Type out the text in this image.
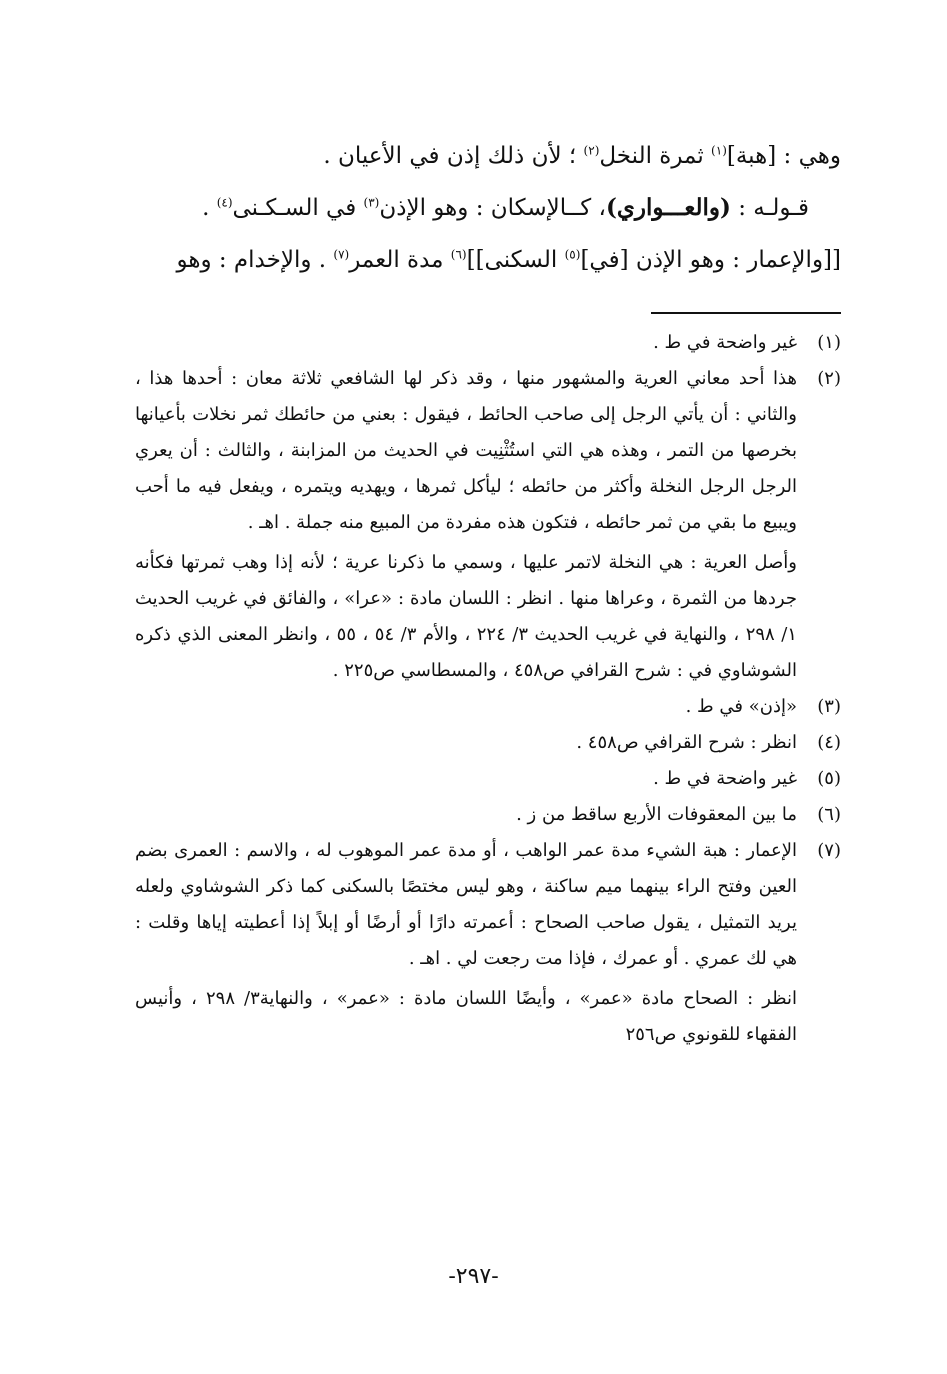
وهي : [هبة]$^{(١)}$ ثمرة النخل$^{(٢)}$ ؛ لأن ذلك إذن في الأعيان .

قـولـه : (والعـــواري)، كــالإسكان : وهو الإذن$^{(٣)}$ في السـكـنى$^{(٤)}$ .

[[والإعمار : وهو الإذن [في]$^{(٥)}$ السكنى]]$^{(٦)}$ مدة العمر$^{(٧)}$ . والإخدام : وهو

(١)
غير واضحة في ط .
(٢)
هذا أحد معاني العرية والمشهور منها ، وقد ذكر لها الشافعي ثلاثة معان : أحدها هذا ، والثاني : أن يأتي الرجل إلى صاحب الحائط ، فيقول : بعني من حائطك ثمر نخلات بأعيانها بخرصها من التمر ، وهذه هي التي استُثْنِيت في الحديث من المزابنة ، والثالث : أن يعري الرجل الرجل النخلة وأكثر من حائطه ؛ ليأكل ثمرها ، ويهديه ويتمره ، ويفعل فيه ما أحب ويبيع ما بقي من ثمر حائطه ، فتكون هذه مفردة من المبيع منه جملة . اهـ .
وأصل العرية : هي النخلة لاتمر عليها ، وسمي ما ذكرنا عرية ؛ لأنه إذا وهب ثمرتها فكأنه جردها من الثمرة ، وعراها منها . انظر : اللسان مادة : «عرا» ، والفائق في غريب الحديث ١/ ٢٩٨ ، والنهاية في غريب الحديث ٣/ ٢٢٤ ، والأم ٣/ ٥٤ ، ٥٥ ، وانظر المعنى الذي ذكره الشوشاوي في : شرح القرافي ص٤٥٨ ، والمسطاسي ص٢٢٥ .
(٣)
«إذن» في ط .
(٤)
انظر : شرح القرافي ص٤٥٨ .
(٥)
غير واضحة في ط .
(٦)
ما بين المعقوفات الأربع ساقط من ز .
(٧)
الإعمار : هبة الشيء مدة عمر الواهب ، أو مدة عمر الموهوب له ، والاسم : العمرى بضم العين وفتح الراء بينهما ميم ساكنة ، وهو ليس مختصًا بالسكنى كما ذكر الشوشاوي ولعله يريد التمثيل ، يقول صاحب الصحاح : أعمرته دارًا أو أرضًا أو إبلاً إذا أعطيته إياها وقلت : هي لك عمري . أو عمرك ، فإذا مت رجعت لي . اهـ .
انظر : الصحاح مادة «عمر» ، وأيضًا اللسان مادة : «عمر» ، والنهاية٣/ ٢٩٨ ، وأنيس الفقهاء للقونوي ص٢٥٦
-٢٩٧-
